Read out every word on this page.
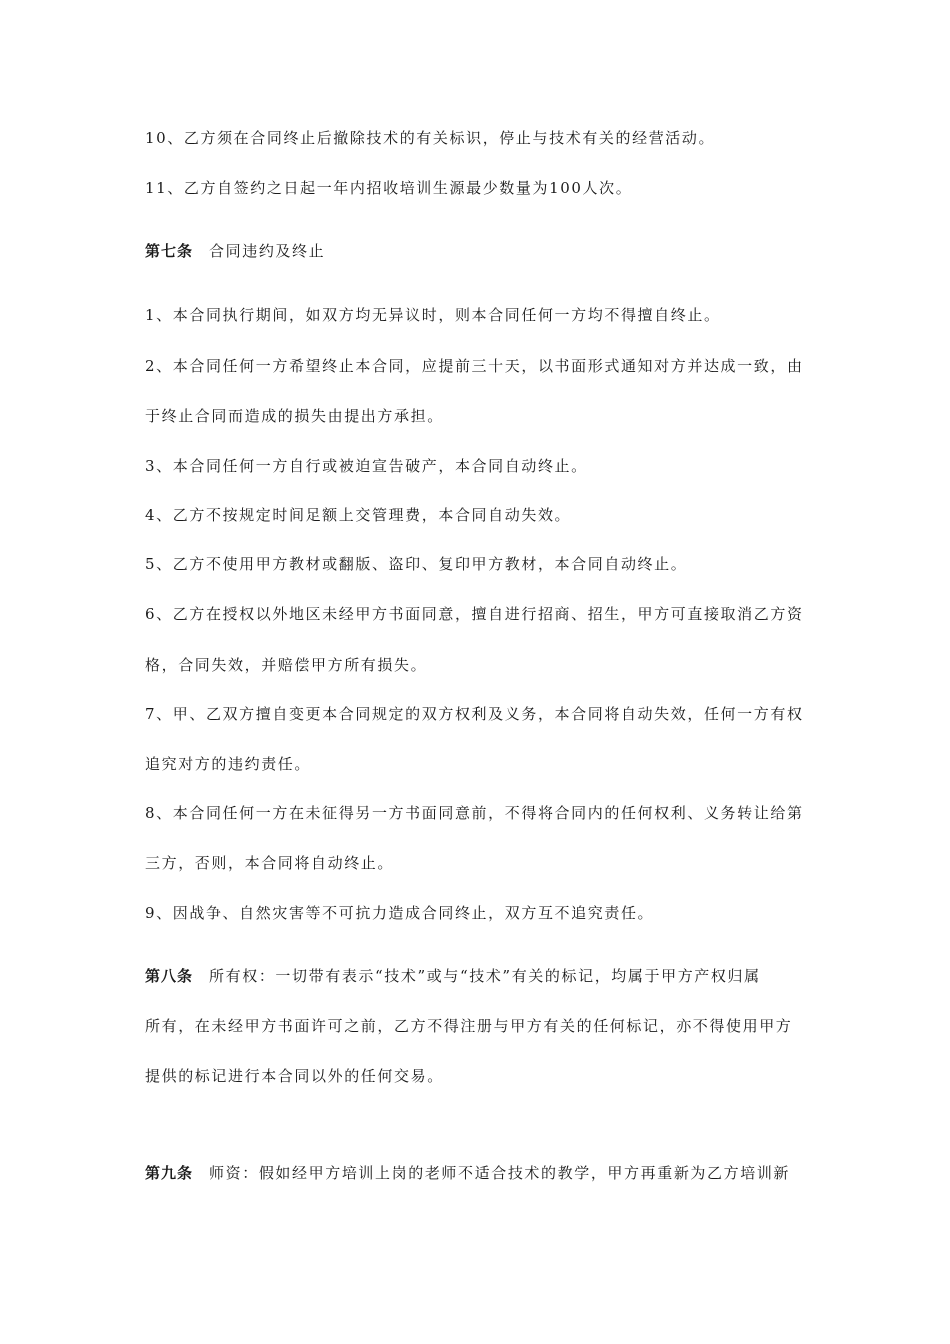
10、乙方须在合同终止后撤除技术的有关标识，停止与技术有关的经营活动。
11、乙方自签约之日起一年内招收培训生源最少数量为100人次。
第七条 合同违约及终止
1、本合同执行期间，如双方均无异议时，则本合同任何一方均不得擅自终止。
2、本合同任何一方希望终止本合同，应提前三十天，以书面形式通知对方并达成一致，由
于终止合同而造成的损失由提出方承担。
3、本合同任何一方自行或被迫宣告破产，本合同自动终止。
4、乙方不按规定时间足额上交管理费，本合同自动失效。
5、乙方不使用甲方教材或翻版、盗印、复印甲方教材，本合同自动终止。
6、乙方在授权以外地区未经甲方书面同意，擅自进行招商、招生，甲方可直接取消乙方资
格，合同失效，并赔偿甲方所有损失。
7、甲、乙双方擅自变更本合同规定的双方权利及义务，本合同将自动失效，任何一方有权
追究对方的违约责任。
8、本合同任何一方在未征得另一方书面同意前，不得将合同内的任何权利、义务转让给第
三方，否则，本合同将自动终止。
9、因战争、自然灾害等不可抗力造成合同终止，双方互不追究责任。
第八条 所有权：一切带有表示“技术”或与“技术”有关的标记，均属于甲方产权归属
所有，在未经甲方书面许可之前，乙方不得注册与甲方有关的任何标记，亦不得使用甲方
提供的标记进行本合同以外的任何交易。
第九条 师资：假如经甲方培训上岗的老师不适合技术的教学，甲方再重新为乙方培训新
